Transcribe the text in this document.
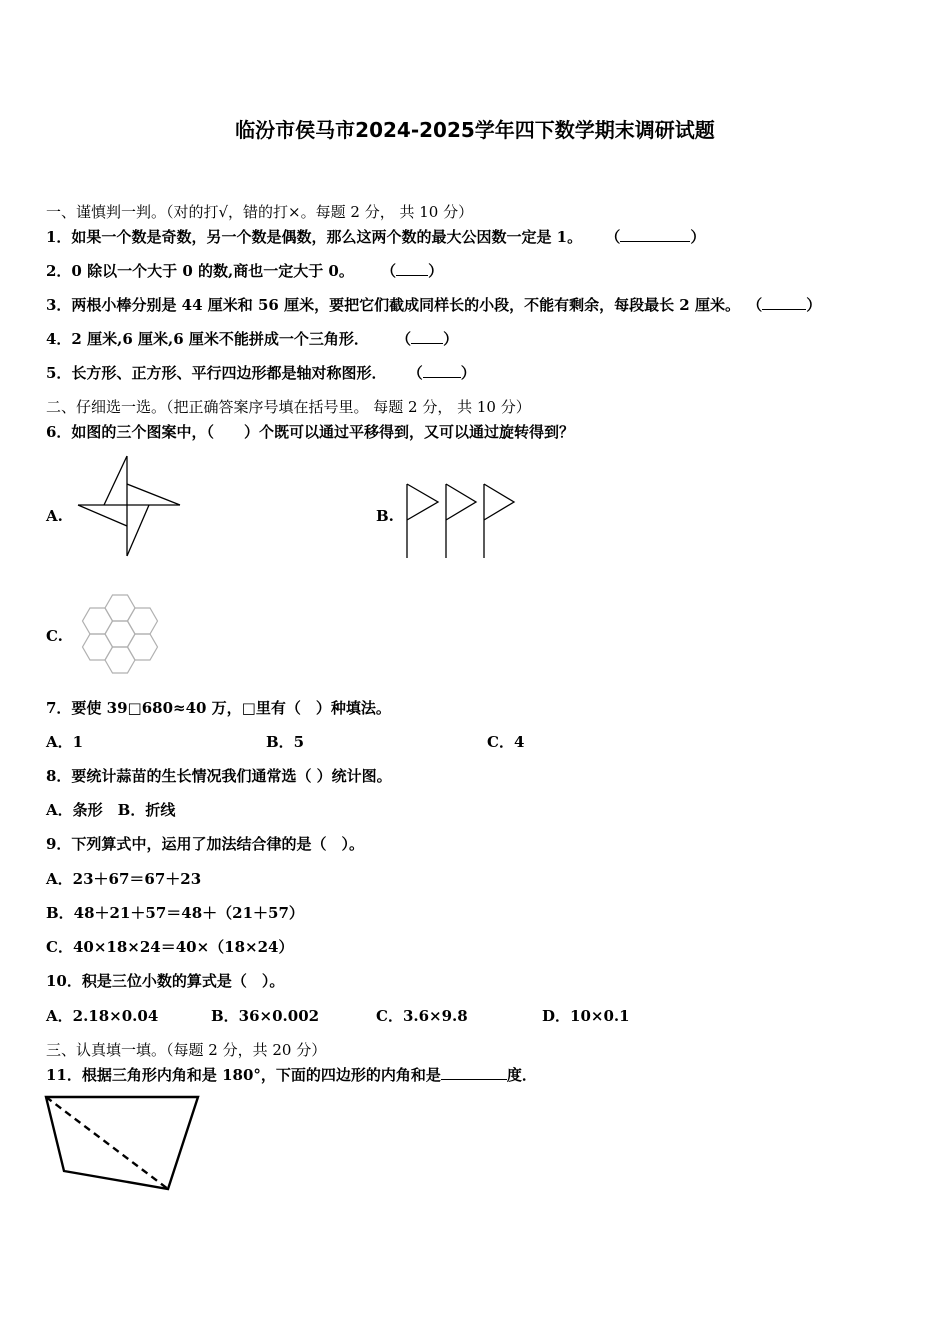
临汾市侯马市2024-2025学年四下数学期末调研试题
一、谨慎判一判。（对的打√，错的打×。每题 2 分， 共 10 分）
1．如果一个数是奇数，另一个数是偶数，那么这两个数的最大公因数一定是 1。 （	）
2．0 除以一个大于 0 的数,商也一定大于 0。 （ ）
3．两根小棒分别是 44 厘米和 56 厘米，要把它们截成同样长的小段，不能有剩余，每段最长 2 厘米。 （	）
4．2 厘米,6 厘米,6 厘米不能拼成一个三角形． （ ）
5．长方形、正方形、平行四边形都是轴对称图形． （	）
二、仔细选一选。（把正确答案序号填在括号里。 每题 2 分， 共 10 分）
6．如图的三个图案中，（　　）个既可以通过平移得到，又可以通过旋转得到？
A.	B.
C.
7．要使 39□680≈40 万，□里有（　）种填法。
A．1	B．5	C．4
8．要统计蒜苗的生长情况我们通常选（ ）统计图。
A．条形　B．折线
9．下列算式中，运用了加法结合律的是（　）。
A．23＋67＝67＋23
B．48＋21＋57＝48＋（21＋57）
C．40×18×24＝40×（18×24）
10．积是三位小数的算式是（　）。
A．2.18×0.04	B．36×0.002	C．3.6×9.8	D．10×0.1
三、认真填一填。（每题 2 分，共 20 分）
11．根据三角形内角和是 180°，下面的四边形的内角和是	度．
